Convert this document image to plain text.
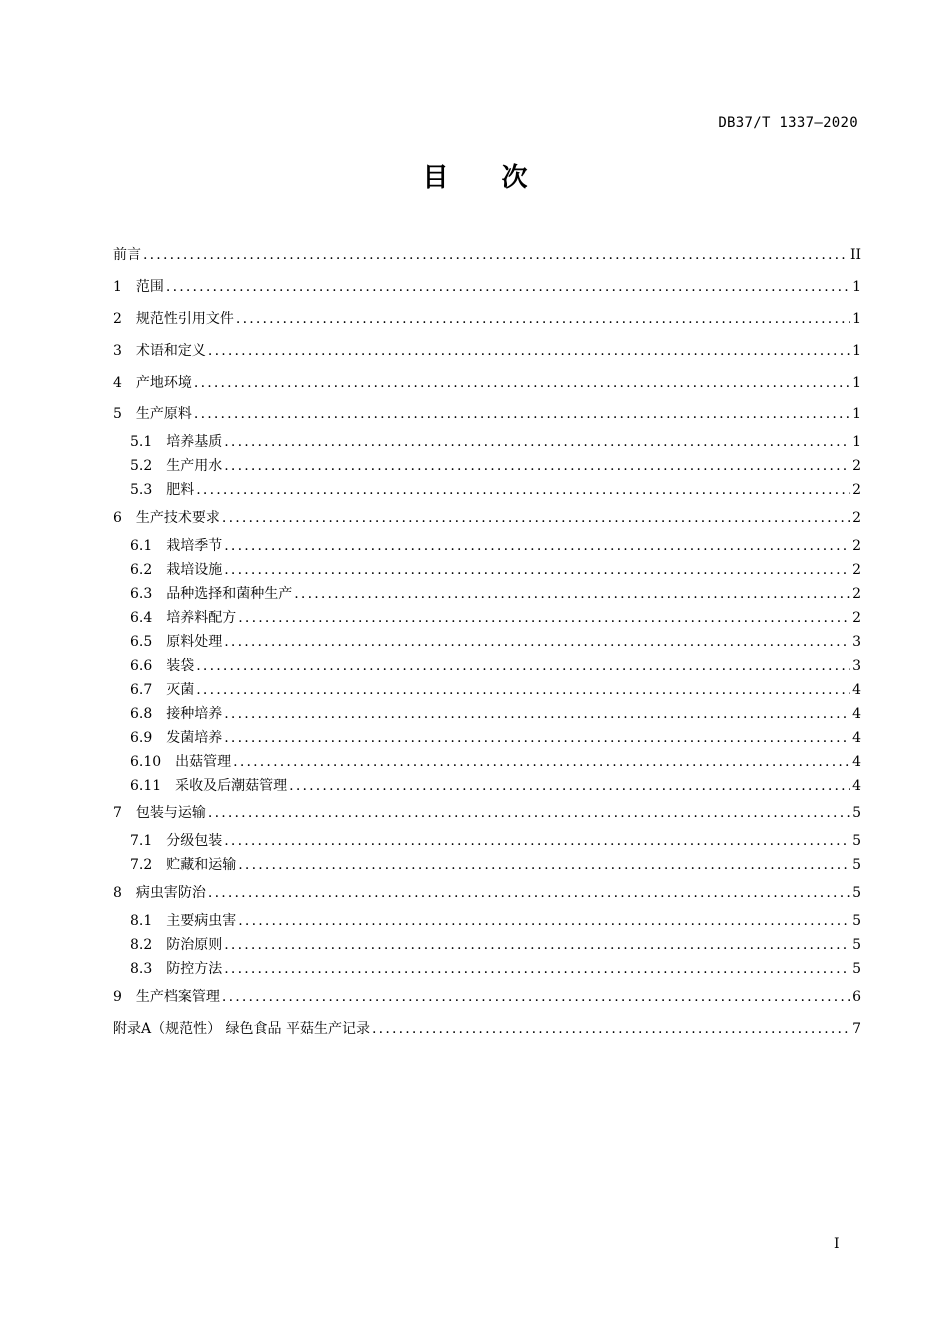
DB37/T 1337—2020
目 次
前言 .....	II
1 范围 .....	1
2 规范性引用文件 .....	1
3 术语和定义 .....	1
4 产地环境 .....	1
5 生产原料 .....	1
5.1 培养基质 .....	1
5.2 生产用水 .....	2
5.3 肥料 .....	2
6 生产技术要求 .....	2
6.1 栽培季节 .....	2
6.2 栽培设施 .....	2
6.3 品种选择和菌种生产 .....	2
6.4 培养料配方 .....	2
6.5 原料处理 .....	3
6.6 装袋 .....	3
6.7 灭菌 .....	4
6.8 接种培养 .....	4
6.9 发菌培养 .....	4
6.10 出菇管理 .....	4
6.11 采收及后潮菇管理 .....	4
7 包装与运输 .....	5
7.1 分级包装 .....	5
7.2 贮藏和运输 .....	5
8 病虫害防治 .....	5
8.1 主要病虫害 .....	5
8.2 防治原则 .....	5
8.3 防控方法 .....	5
9 生产档案管理 .....	6
附录A（规范性） 绿色食品 平菇生产记录 .....	7
I
